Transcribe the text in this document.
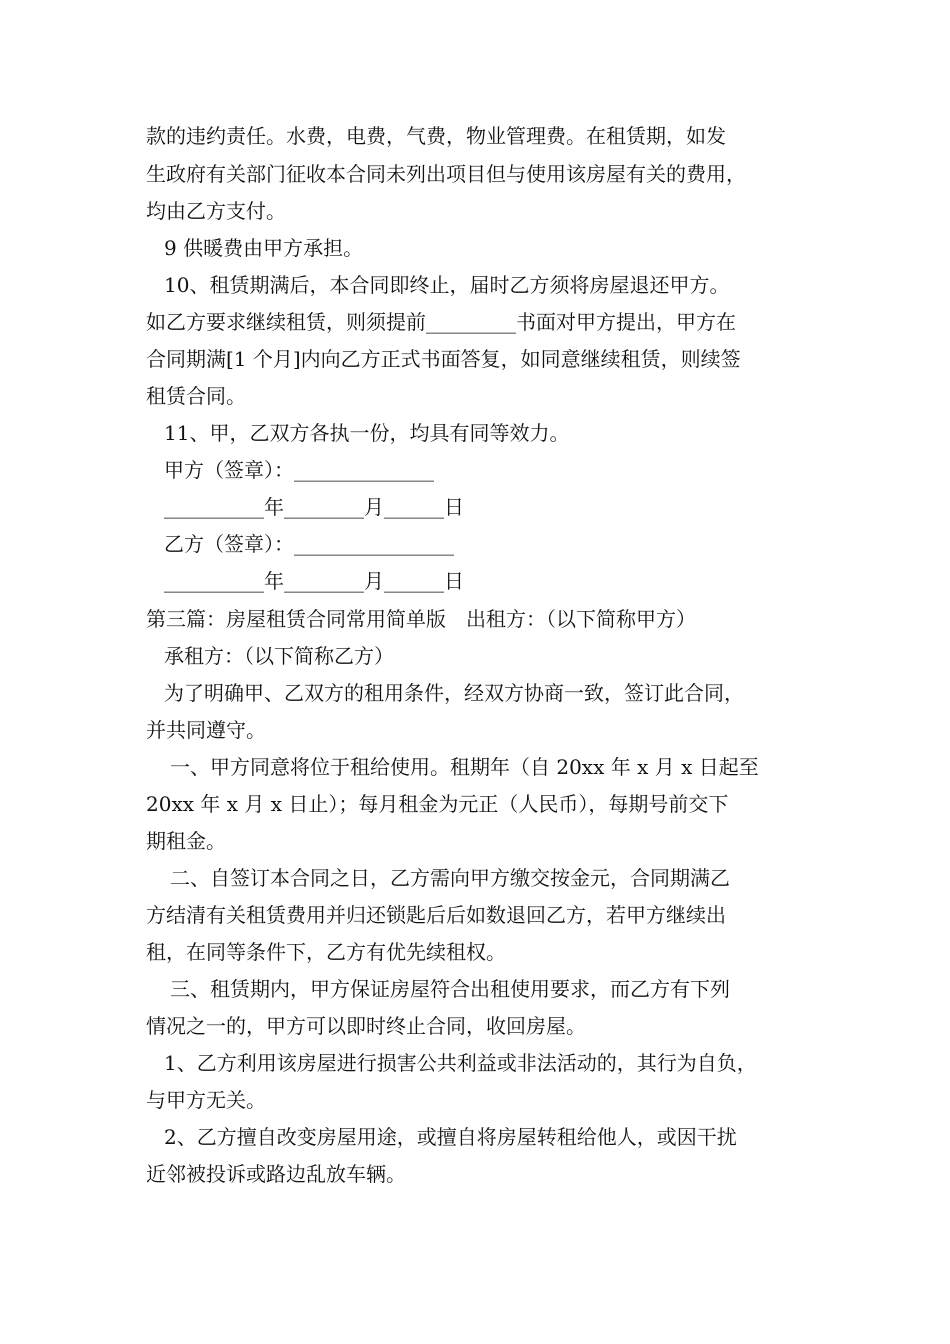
款的违约责任。水费，电费，气费，物业管理费。在租赁期，如发
生政府有关部门征收本合同未列出项目但与使用该房屋有关的费用，
均由乙方支付。
9 供暖费由甲方承担。
10、租赁期满后，本合同即终止，届时乙方须将房屋退还甲方。
如乙方要求继续租赁，则须提前_________书面对甲方提出，甲方在
合同期满[1 个月]内向乙方正式书面答复，如同意继续租赁，则续签
租赁合同。
11、甲，乙双方各执一份，均具有同等效力。
甲方（签章）：______________
__________年________月______日
乙方（签章）：________________
__________年________月______日
第三篇：房屋租赁合同常用简单版　出租方：（以下简称甲方）
承租方：（以下简称乙方）
为了明确甲、乙双方的租用条件，经双方协商一致，签订此合同，
并共同遵守。
一、甲方同意将位于租给使用。租期年（自 20xx 年 x 月 x 日起至
20xx 年 x 月 x 日止）；每月租金为元正（人民币），每期号前交下
期租金。
二、自签订本合同之日，乙方需向甲方缴交按金元，合同期满乙
方结清有关租赁费用并归还锁匙后后如数退回乙方，若甲方继续出
租，在同等条件下，乙方有优先续租权。
三、租赁期内，甲方保证房屋符合出租使用要求，而乙方有下列
情况之一的，甲方可以即时终止合同，收回房屋。
1、乙方利用该房屋进行损害公共利益或非法活动的，其行为自负，
与甲方无关。
2、乙方擅自改变房屋用途，或擅自将房屋转租给他人，或因干扰
近邻被投诉或路边乱放车辆。
